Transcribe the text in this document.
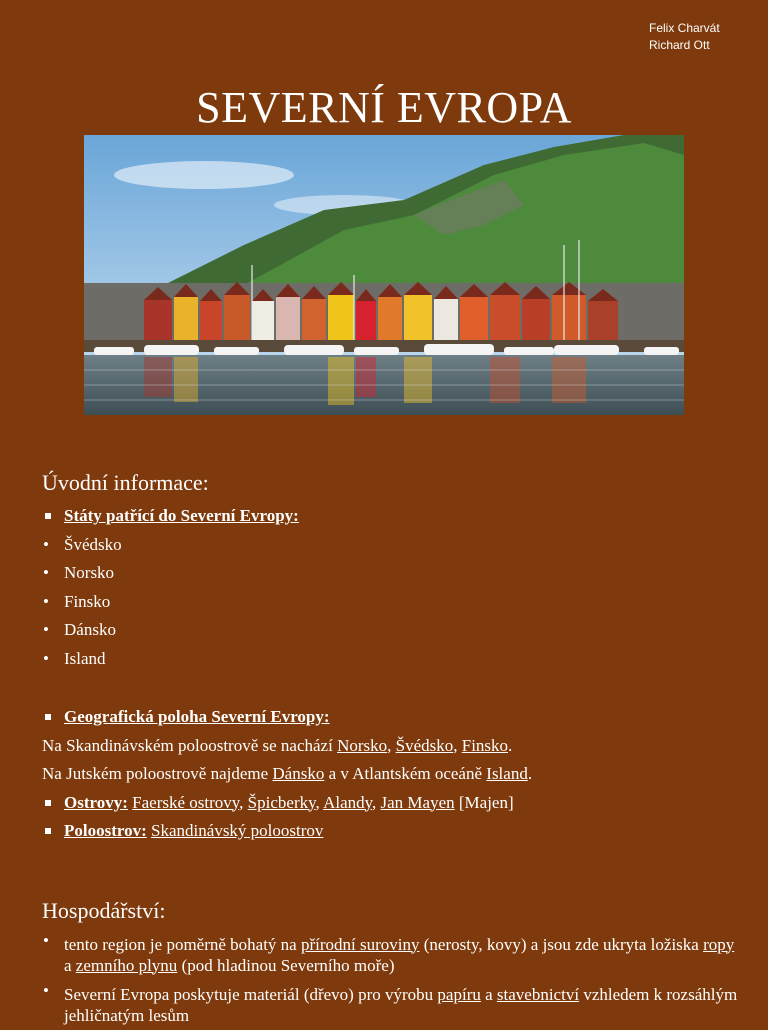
Felix Charvát
Richard Ott
SEVERNÍ EVROPA
Úvodní informace:
Státy patřící do Severní Evropy:
• Švédsko
• Norsko
• Finsko
• Dánsko
• Island
Geografická poloha Severní Evropy:
Na Skandinávském poloostrově se nachází Norsko, Švédsko, Finsko.
Na Jutském poloostrově najdeme Dánsko a v Atlantském oceáně Island.
Ostrovy: Faerské ostrovy, Špicberky, Alandy, Jan Mayen [Majen]
Poloostrov: Skandinávský poloostrov
Hospodářství:
• tento region je poměrně bohatý na přírodní suroviny (nerosty, kovy) a jsou zde ukryta ložiska ropy a zemního plynu (pod hladinou Severního moře)
• Severní Evropa poskytuje materiál (dřevo) pro výrobu papíru a stavebnictví vzhledem k rozsáhlým jehličnatým lesům
